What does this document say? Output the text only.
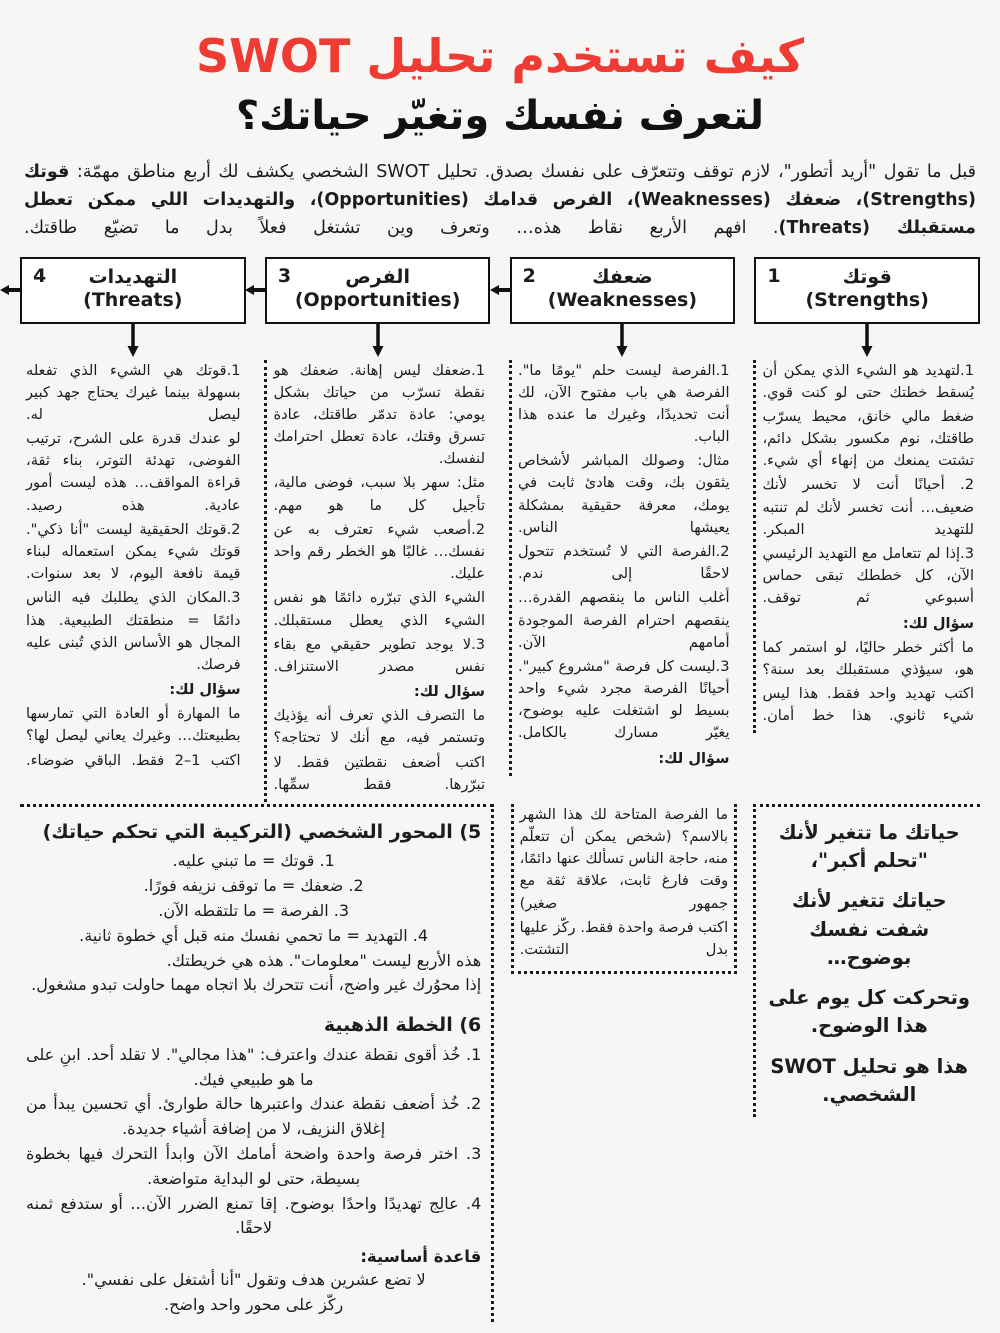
كيف تستخدم تحليل SWOT
لتعرف نفسك وتغيّر حياتك؟
قبل ما تقول "أريد أتطور"، لازم توقف وتتعرّف على نفسك بصدق. تحليل SWOT الشخصي يكشف لك أربع مناطق مهمّة: قوتك (Strengths)، ضعفك (Weaknesses)، الفرص قدامك (Opportunities)، والتهديدات اللي ممكن تعطل مستقبلك (Threats). افهم الأربع نقاط هذه… وتعرف وين تشتغل فعلاً بدل ما تضيّع طاقتك.
1	قوتك
(Strengths)
2	ضعفك
(Weaknesses)
3	الفرص
(Opportunities)
4	التهديدات
(Threats)

1.لتهديد هو الشيء الذي يمكن أن يُسقط خطتك حتى لو كنت قوي.

ضغط مالي خانق، محيط يسرّب طاقتك، نوم مكسور بشكل دائم، تشتت يمنعك من إنهاء أي شيء.

2. أحيانًا أنت لا تخسر لأنك ضعيف… أنت تخسر لأنك لم تنتبه للتهديد المبكر.

3.إذا لم تتعامل مع التهديد الرئيسي الآن، كل خططك تبقى حماس أسبوعي ثم توقف.

سؤال لك:

ما أكثر خطر حاليًا، لو استمر كما هو، سيؤذي مستقبلك بعد سنة؟

اكتب تهديد واحد فقط. هذا ليس شيء ثانوي. هذا خط أمان.

1.الفرصة ليست حلم "يومًا ما". الفرصة هي باب مفتوح الآن، لك أنت تحديدًا، وغيرك ما عنده هذا الباب.

مثال: وصولك المباشر لأشخاص يثقون بك، وقت هادئ ثابت في يومك، معرفة حقيقية بمشكلة يعيشها الناس.

2.الفرصة التي لا تُستخدم تتحول لاحقًا إلى ندم.

أغلب الناس ما ينقصهم القدرة… ينقصهم احترام الفرصة الموجودة أمامهم الآن.

3.ليست كل فرصة "مشروع كبير". أحيانًا الفرصة مجرد شيء واحد بسيط لو اشتغلت عليه بوضوح، يغيّر مسارك بالكامل.

سؤال لك:

1.ضعفك ليس إهانة. ضعفك هو نقطة تسرّب من حياتك بشكل يومي: عادة تدمّر طاقتك، عادة تسرق وقتك، عادة تعطل احترامك لنفسك.

مثل: سهر بلا سبب، فوضى مالية، تأجيل كل ما هو مهم.

2.أصعب شيء تعترف به عن نفسك… غالبًا هو الخطر رقم واحد عليك.

الشيء الذي تبرّره دائمًا هو نفس الشيء الذي يعطل مستقبلك.

3.لا يوجد تطوير حقيقي مع بقاء نفس مصدر الاستنزاف.

سؤال لك:

ما التصرف الذي تعرف أنه يؤذيك وتستمر فيه، مع أنك لا تحتاجه؟

اكتب أضعف نقطتين فقط. لا تبرّرها. فقط سمِّها.

1.قوتك هي الشيء الذي تفعله بسهولة بينما غيرك يحتاج جهد كبير ليصل له.

لو عندك قدرة على الشرح، ترتيب الفوضى، تهدئة التوتر، بناء ثقة، قراءة المواقف… هذه ليست أمور عادية. هذه رصيد.

2.قوتك الحقيقية ليست "أنا ذكي". قوتك شيء يمكن استعماله لبناء قيمة نافعة اليوم، لا بعد سنوات.

3.المكان الذي يطلبك فيه الناس دائمًا = منطقتك الطبيعية. هذا المجال هو الأساس الذي تُبنى عليه فرصك.

سؤال لك:

ما المهارة أو العادة التي تمارسها بطبيعتك… وغيرك يعاني ليصل لها؟

اكتب 1–2 فقط. الباقي ضوضاء.

حياتك ما تتغير لأنك "تحلم أكبر"،

حياتك تتغير لأنك شفت نفسك بوضوح…

وتحركت كل يوم على هذا الوضوح.

هذا هو تحليل SWOT الشخصي.

ما الفرصة المتاحة لك هذا الشهر بالاسم؟ (شخص يمكن أن تتعلّم منه، حاجة الناس تسألك عنها دائمًا، وقت فارغ ثابت، علاقة ثقة مع جمهور صغير)

اكتب فرصة واحدة فقط. ركّز عليها بدل التشتت.

5) المحور الشخصي (التركيبة التي تحكم حياتك)
1. قوتك = ما تبني عليه.
2. ضعفك = ما توقف نزيفه فورًا.
3. الفرصة = ما تلتقطه الآن.
4. التهديد = ما تحمي نفسك منه قبل أي خطوة ثانية.
هذه الأربع ليست "معلومات". هذه هي خريطتك.
إذا محوُرك غير واضح، أنت تتحرك بلا اتجاه مهما حاولت تبدو مشغول.
6) الخطة الذهبية
1. خُذ أقوى نقطة عندك واعترف: "هذا مجالي". لا تقلد أحد. ابنِ على ما هو طبيعي فيك.
2. خُذ أضعف نقطة عندك واعتبرها حالة طوارئ. أي تحسين يبدأ من إغلاق النزيف، لا من إضافة أشياء جديدة.
3. اختر فرصة واحدة واضحة أمامك الآن وابدأ التحرك فيها بخطوة بسيطة، حتى لو البداية متواضعة.
4. عالِج تهديدًا واحدًا بوضوح. إقا تمنع الضرر الآن… أو ستدفع ثمنه لاحقًا.
قاعدة أساسية:
لا تضع عشرين هدف وتقول "أنا أشتغل على نفسي".
ركّز على محور واحد واضح.
